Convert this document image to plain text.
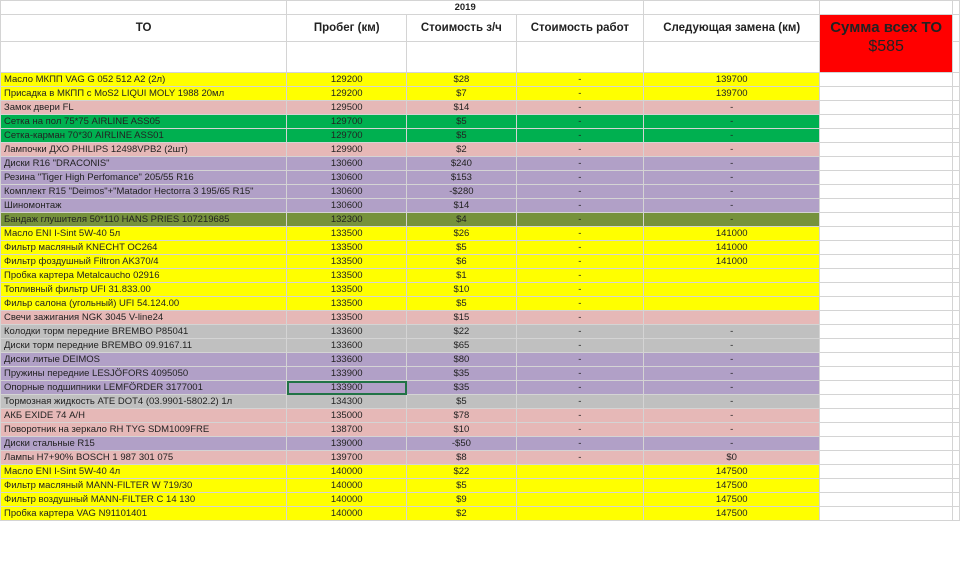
	2019					
ТО	Пробег (км)	Стоимость з/ч	Стоимость работ	Следующая замена (км)	Сумма всех ТО
$585	

Масло МКПП VAG G 052 512 A2 (2л)	129200	$28	-	139700		
Присадка в МКПП с MoS2 LIQUI MOLY 1988 20мл	129200	$7	-	139700		
Замок двери FL	129500	$14	-	-		
Сетка на пол 75*75 AIRLINE ASS05	129700	$5	-	-		
Сетка-карман 70*30 AIRLINE ASS01	129700	$5	-	-		
Лампочки ДХО PHILIPS 12498VPB2 (2шт)	129900	$2	-	-		
Диски R16 "DRACONIS"	130600	$240	-	-		
Резина "Tiger High Perfomance" 205/55 R16	130600	$153	-	-		
Комплект R15 "Deimos"+"Matador Hectorra 3 195/65 R15"	130600	-$280	-	-		
Шиномонтаж	130600	$14	-	-		
Бандаж глушителя 50*110 HANS PRIES 107219685	132300	$4	-	-		
Масло ENI I-Sint 5W-40 5л	133500	$26	-	141000		
Фильтр масляный KNECHT OC264	133500	$5	-	141000		
Фильтр фоздушный Filtron AK370/4	133500	$6	-	141000		
Пробка картера Metalcaucho 02916	133500	$1	-			
Топливный фильтр UFI 31.833.00	133500	$10	-			
Фильр салона (угольный) UFI 54.124.00	133500	$5	-			
Свечи зажигания NGK 3045 V-line24	133500	$15	-			
Колодки торм передние BREMBO P85041	133600	$22	-	-		
Диски торм передние BREMBO 09.9167.11	133600	$65	-	-		
Диски литые DEIMOS	133600	$80	-	-		
Пружины передние LESJÖFORS 4095050	133900	$35	-	-		
Опорные подшипники LEMFÖRDER 3177001	133900	$35	-	-		
Тормозная жидкость ATE DOT4 (03.9901-5802.2) 1л	134300	$5	-	-		
АКБ EXIDE 74 А/Н	135000	$78	-	-		
Поворотник на зеркало RH TYG SDM1009FRE	138700	$10	-	-		
Диски стальные R15	139000	-$50	-	-		
Лампы H7+90% BOSCH 1 987 301 075	139700	$8	-	$0		
Масло ENI I-Sint 5W-40 4л	140000	$22		147500		
Фильтр масляный MANN-FILTER W 719/30	140000	$5		147500		
Фильтр воздушный MANN-FILTER C 14 130	140000	$9		147500		
Пробка картера VAG N91101401	140000	$2		147500		
